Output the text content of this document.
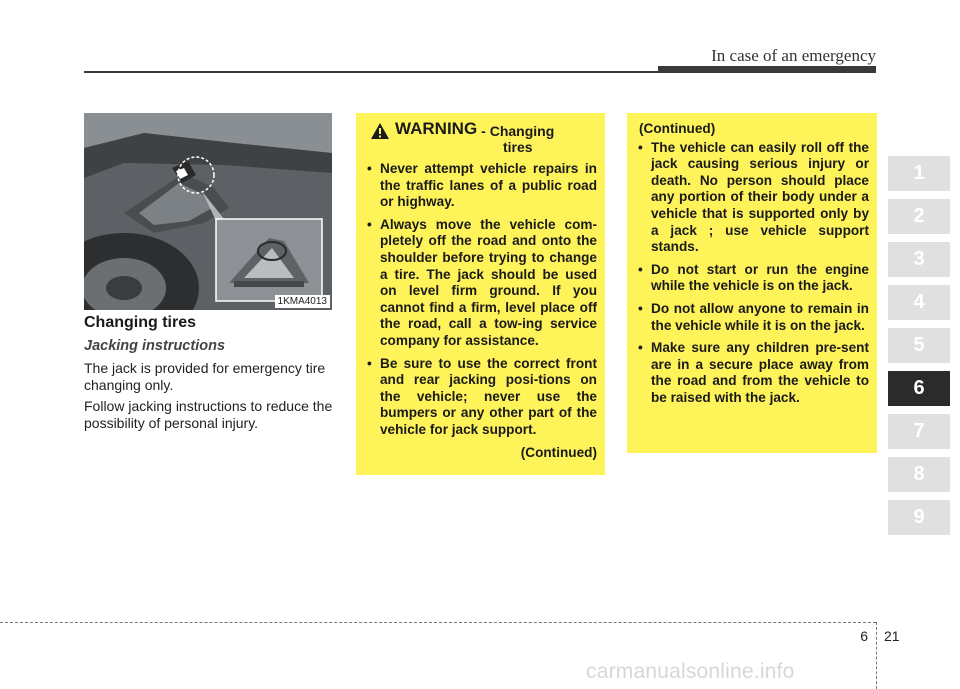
In case of an emergency
1KMA4013
Changing tires
Jacking instructions
The jack is provided for emergency tire changing only.
Follow jacking instructions to reduce the possibility of personal injury.
WARNING - Changing
tires
• Never attempt vehicle repairs in the traffic lanes of a public road or highway.
• Always move the vehicle com-pletely off the road and onto the shoulder before trying to change a tire. The jack should be used on level firm ground. If you cannot find a firm, level place off the road, call a tow-ing service company for assistance.
• Be sure to use the correct front and rear jacking posi-tions on the vehicle; never use the bumpers or any other part of the vehicle for jack support.
(Continued)
(Continued)
• The vehicle can easily roll off the jack causing serious injury or death. No person should place any portion of their body under a vehicle that is supported only by a jack ; use vehicle support stands.
• Do not start or run the engine while the vehicle is on the jack.
• Do not allow anyone to remain in the vehicle while it is on the jack.
• Make sure any children pre-sent are in a secure place away from the road and from the vehicle to be raised with the jack.
1
2
3
4
5
6
7
8
9
6 21
carmanualsonline.info
